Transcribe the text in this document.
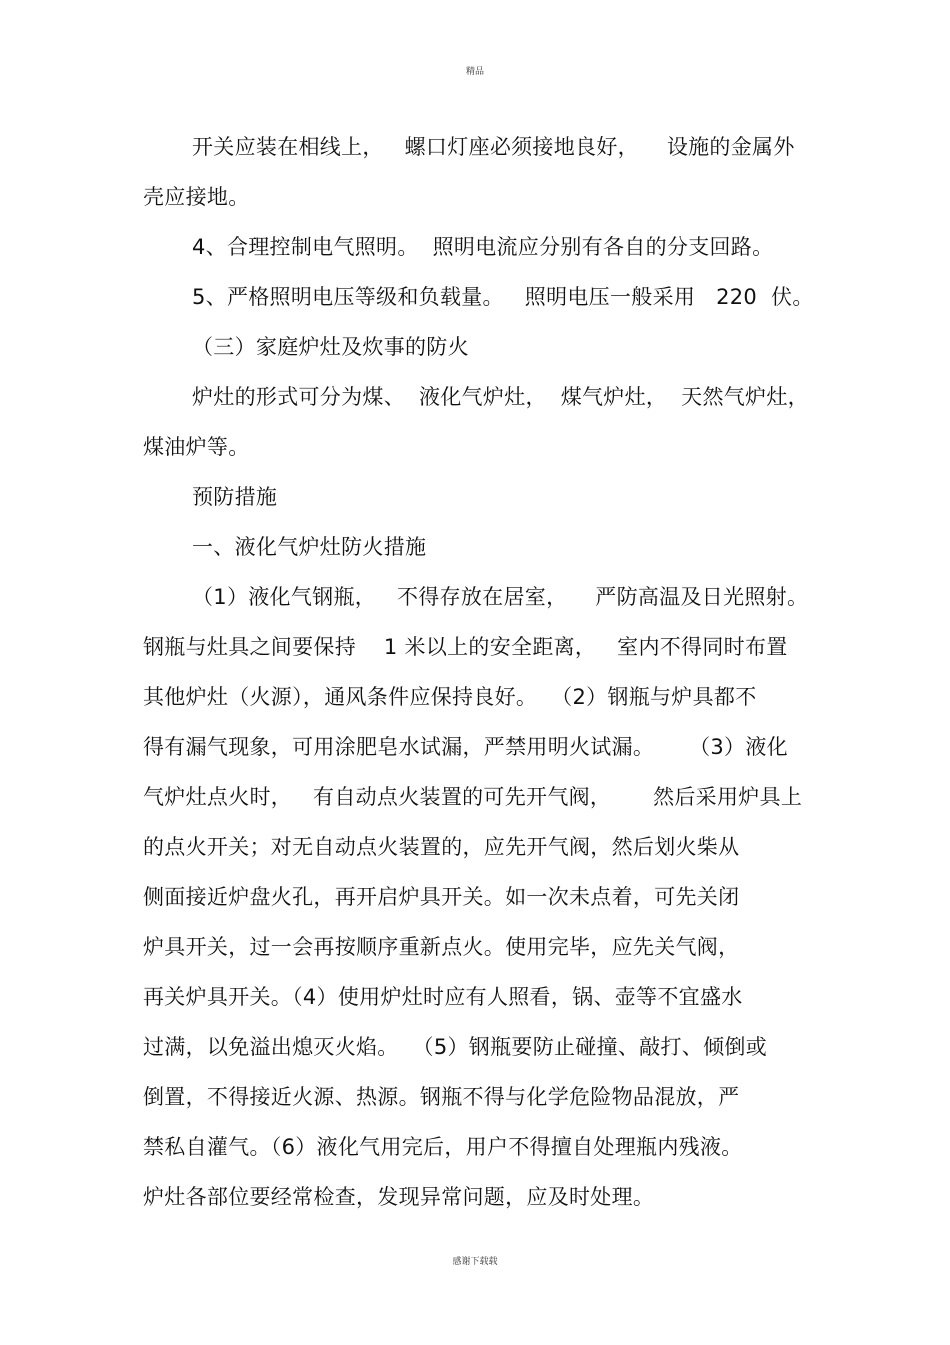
精品
开关应装在相线上，   螺口灯座必须接地良好，    设施的金属外
壳应接地。
4、合理控制电气照明。  照明电流应分别有各自的分支回路。
5、严格照明电压等级和负载量。   照明电压一般采用   220  伏。
（三）家庭炉灶及炊事的防火
炉灶的形式可分为煤、  液化气炉灶，  煤气炉灶，  天然气炉灶，
煤油炉等。
预防措施
一、液化气炉灶防火措施
（1）液化气钢瓶，   不得存放在居室，    严防高温及日光照射。
钢瓶与灶具之间要保持    1 米以上的安全距离，   室内不得同时布置
其他炉灶（火源），通风条件应保持良好。  （2）钢瓶与炉具都不
得有漏气现象，可用涂肥皂水试漏，严禁用明火试漏。     （3）液化
气炉灶点火时，   有自动点火装置的可先开气阀，      然后采用炉具上
的点火开关；对无自动点火装置的，应先开气阀，然后划火柴从
侧面接近炉盘火孔，再开启炉具开关。如一次未点着，可先关闭
炉具开关，过一会再按顺序重新点火。使用完毕，应先关气阀，
再关炉具开关。（4）使用炉灶时应有人照看，锅、壶等不宜盛水
过满，以免溢出熄灭火焰。  （5）钢瓶要防止碰撞、敲打、倾倒或
倒置，不得接近火源、热源。钢瓶不得与化学危险物品混放，严
禁私自灌气。（6）液化气用完后，用户不得擅自处理瓶内残液。
炉灶各部位要经常检查，发现异常问题，应及时处理。
感谢下载载
